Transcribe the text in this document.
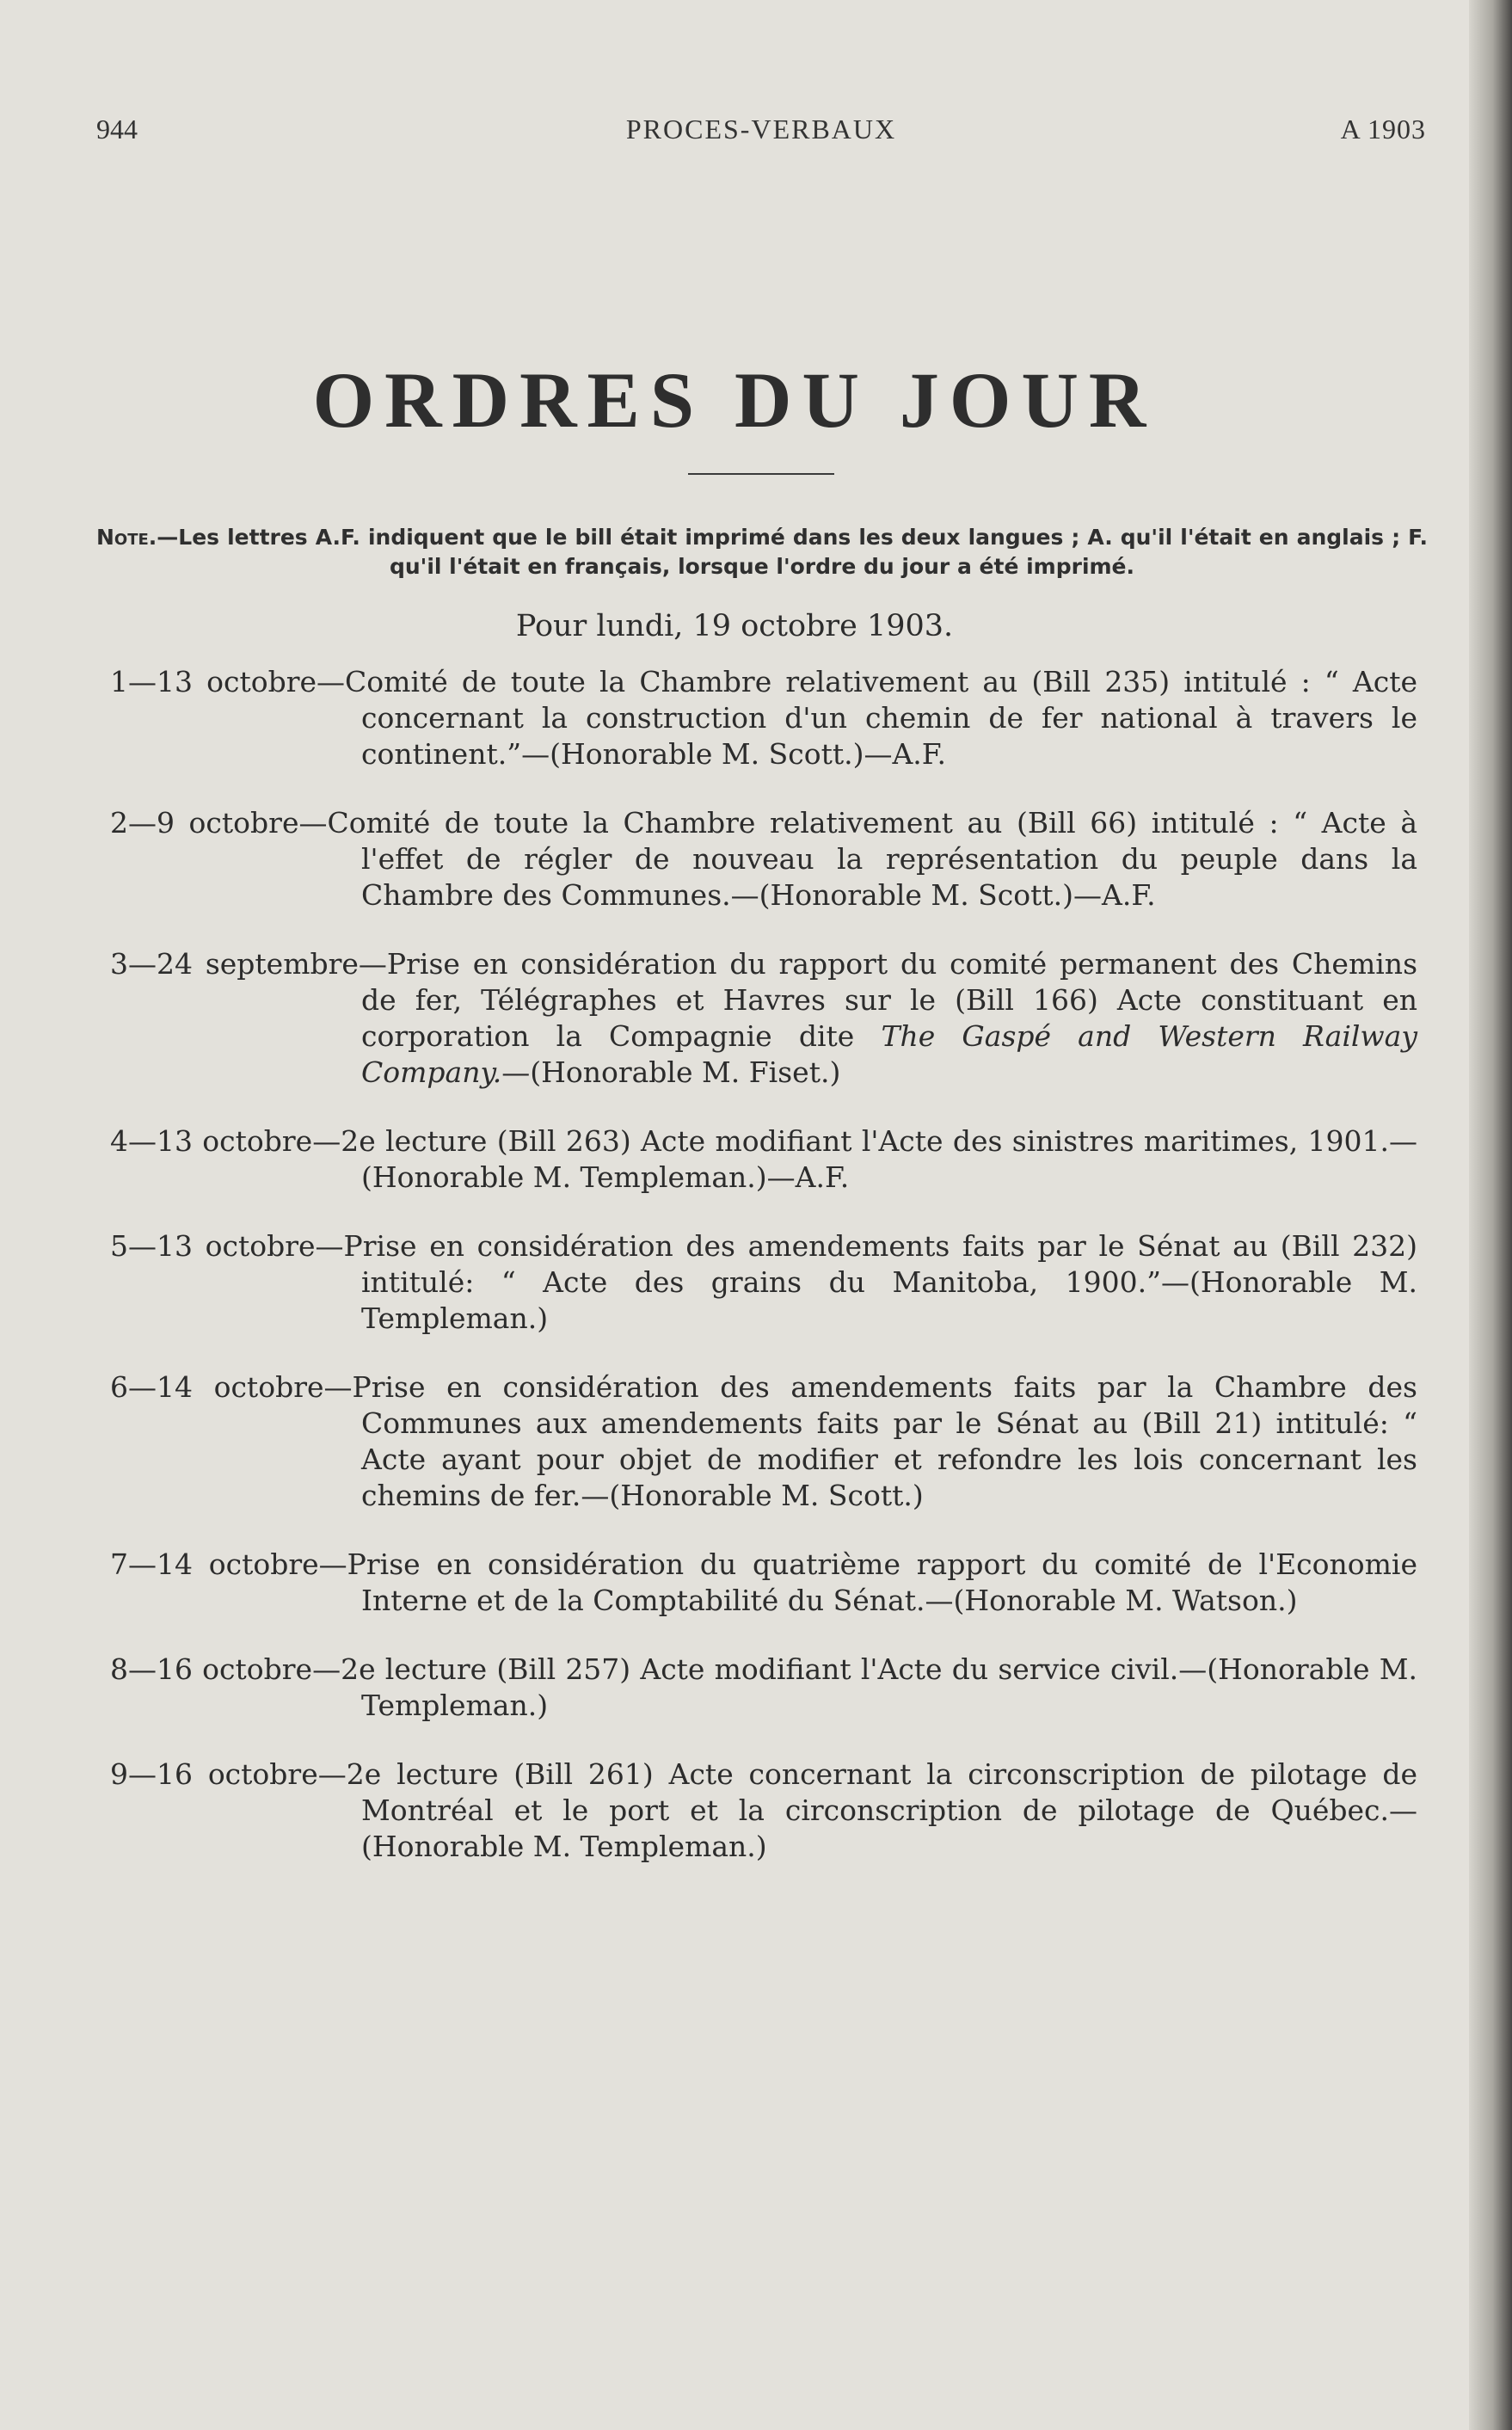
944	PROCES-VERBAUX	A 1903
ORDRES DU JOUR
Note.—Les lettres A.F. indiquent que le bill était imprimé dans les deux langues ; A. qu'il l'était en anglais ; F. qu'il l'était en français, lorsque l'ordre du jour a été imprimé.
Pour lundi, 19 octobre 1903.
1—13 octobre—Comité de toute la Chambre relativement au (Bill 235) intitulé : “ Acte concernant la construction d'un chemin de fer national à travers le continent.”—(Honorable M. Scott.)—A.F.
2—9 octobre—Comité de toute la Chambre relativement au (Bill 66) intitulé : “ Acte à l'effet de régler de nouveau la représentation du peuple dans la Chambre des Communes.—(Honorable M. Scott.)—A.F.
3—24 septembre—Prise en considération du rapport du comité permanent des Chemins de fer, Télégraphes et Havres sur le (Bill 166) Acte constituant en corporation la Compagnie dite The Gaspé and Western Railway Company.—(Honorable M. Fiset.)
4—13 octobre—2e lecture (Bill 263) Acte modifiant l'Acte des sinistres maritimes, 1901.—(Honorable M. Templeman.)—A.F.
5—13 octobre—Prise en considération des amendements faits par le Sénat au (Bill 232) intitulé: “ Acte des grains du Manitoba, 1900.”—(Honorable M. Templeman.)
6—14 octobre—Prise en considération des amendements faits par la Chambre des Communes aux amendements faits par le Sénat au (Bill 21) intitulé: “ Acte ayant pour objet de modifier et refondre les lois concernant les chemins de fer.—(Honorable M. Scott.)
7—14 octobre—Prise en considération du quatrième rapport du comité de l'Economie Interne et de la Comptabilité du Sénat.—(Honorable M. Watson.)
8—16 octobre—2e lecture (Bill 257) Acte modifiant l'Acte du service civil.—(Honorable M. Templeman.)
9—16 octobre—2e lecture (Bill 261) Acte concernant la circonscription de pilotage de Montréal et le port et la circonscription de pilotage de Québec.—(Honorable M. Templeman.)
